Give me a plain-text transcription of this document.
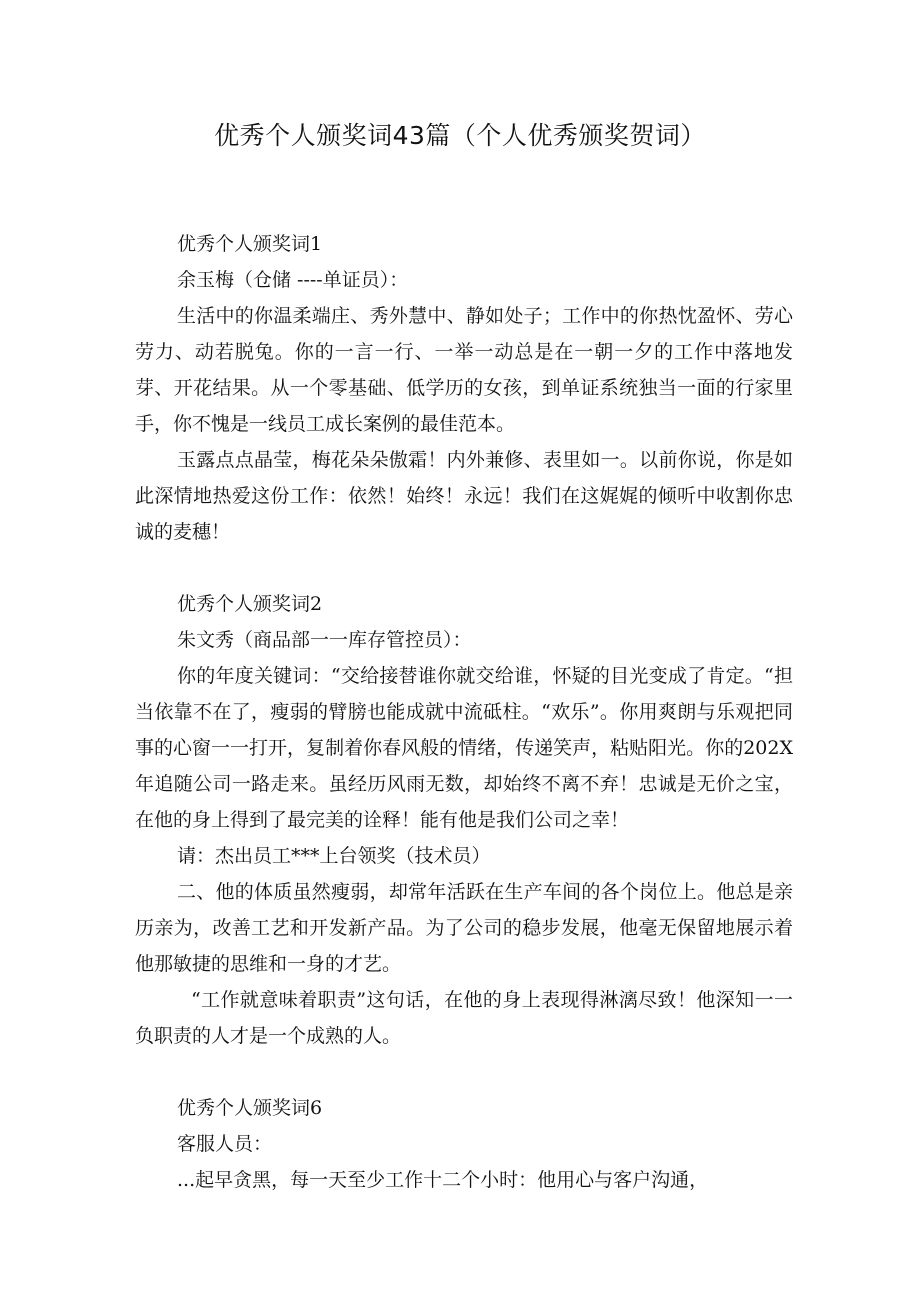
优秀个人颁奖词43篇（个人优秀颁奖贺词）

优秀个人颁奖词1

余玉梅（仓储 ----单证员）：

生活中的你温柔端庄、秀外慧中、静如处子；工作中的你热忱盈怀、劳心劳力、动若脱兔。你的一言一行、一举一动总是在一朝一夕的工作中落地发芽、开花结果。从一个零基础、低学历的女孩，到单证系统独当一面的行家里手，你不愧是一线员工成长案例的最佳范本。

玉露点点晶莹，梅花朵朵傲霜！内外兼修、表里如一。以前你说，你是如此深情地热爱这份工作：依然！始终！永远！我们在这娓娓的倾听中收割你忠诚的麦穗！

优秀个人颁奖词2

朱文秀（商品部一一库存管控员）：

你的年度关键词：“交给接替谁你就交给谁，怀疑的目光变成了肯定。“担当依靠不在了，瘦弱的臂膀也能成就中流砥柱。“欢乐”。你用爽朗与乐观把同事的心窗一一打开，复制着你春风般的情绪，传递笑声，粘贴阳光。你的202X年追随公司一路走来。虽经历风雨无数，却始终不离不弃！忠诚是无价之宝，在他的身上得到了最完美的诠释！能有他是我们公司之幸！

请：杰出员工***上台领奖（技术员）

二、他的体质虽然瘦弱，却常年活跃在生产车间的各个岗位上。他总是亲历亲为，改善工艺和开发新产品。为了公司的稳步发展，他毫无保留地展示着他那敏捷的思维和一身的才艺。

“工作就意味着职责”这句话，在他的身上表现得淋漓尽致！他深知一一负职责的人才是一个成熟的人。

优秀个人颁奖词6

客服人员：

...起早贪黑，每一天至少工作十二个小时：他用心与客户沟通，
